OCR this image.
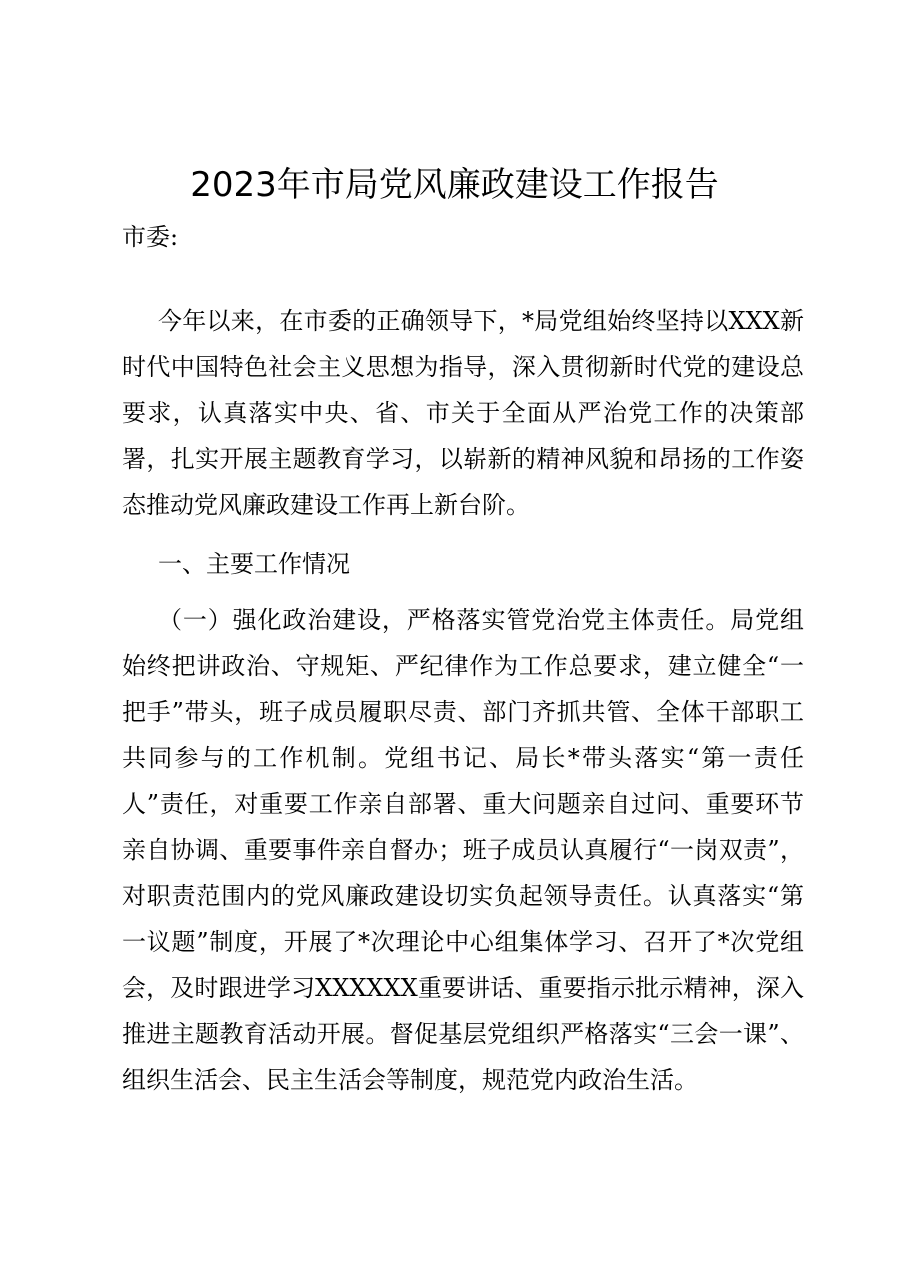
2023年市局党风廉政建设工作报告
市委:
今年以来，在市委的正确领导下，*局党组始终坚持以XXX新时代中国特色社会主义思想为指导，深入贯彻新时代党的建设总要求，认真落实中央、省、市关于全面从严治党工作的决策部署，扎实开展主题教育学习，以崭新的精神风貌和昂扬的工作姿态推动党风廉政建设工作再上新台阶。
一、主要工作情况
（一）强化政治建设，严格落实管党治党主体责任。局党组始终把讲政治、守规矩、严纪律作为工作总要求，建立健全“一把手”带头，班子成员履职尽责、部门齐抓共管、全体干部职工共同参与的工作机制。党组书记、局长*带头落实“第一责任人”责任，对重要工作亲自部署、重大问题亲自过问、重要环节亲自协调、重要事件亲自督办；班子成员认真履行“一岗双责”，对职责范围内的党风廉政建设切实负起领导责任。认真落实“第一议题”制度，开展了*次理论中心组集体学习、召开了*次党组会，及时跟进学习XXXXXX重要讲话、重要指示批示精神，深入推进主题教育活动开展。督促基层党组织严格落实“三会一课”、组织生活会、民主生活会等制度，规范党内政治生活。
